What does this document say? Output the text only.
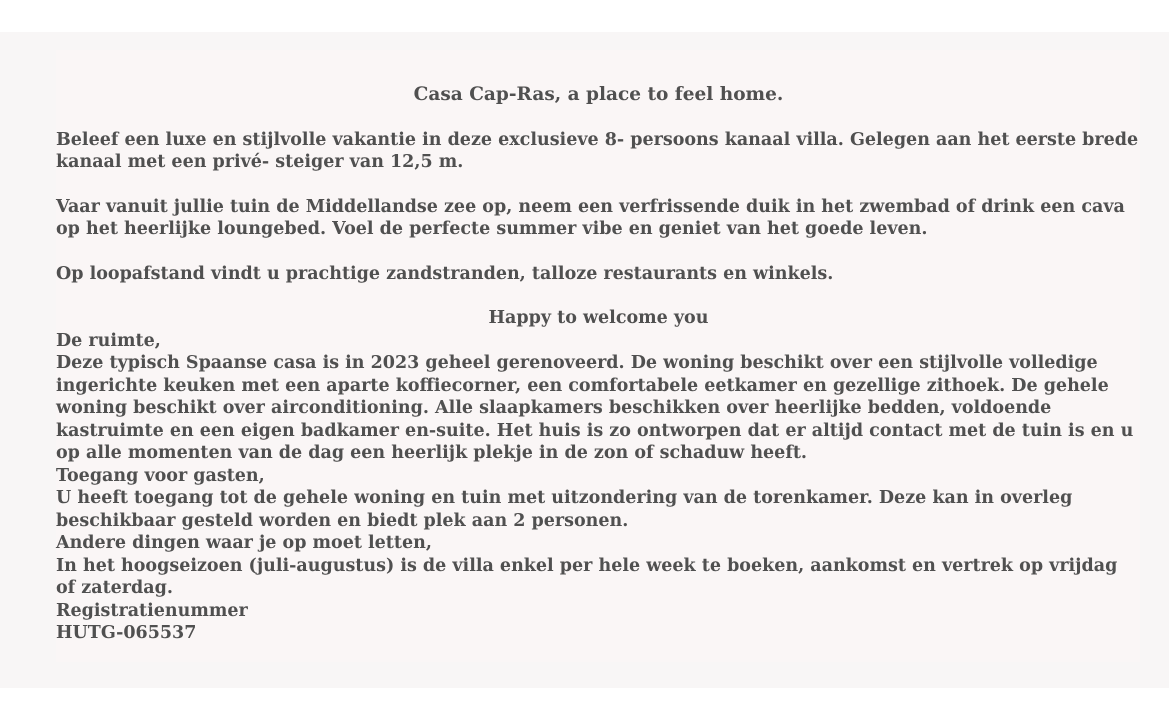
Casa Cap-Ras, a place to feel home.

Beleef een luxe en stijlvolle vakantie in deze exclusieve 8- persoons kanaal villa. Gelegen aan het eerste brede kanaal met een privé- steiger van 12,5 m.

Vaar vanuit jullie tuin de Middellandse zee op, neem een verfrissende duik in het zwembad of drink een cava op het heerlijke loungebed. Voel de perfecte summer vibe en geniet van het goede leven.

Op loopafstand vindt u prachtige zandstranden, talloze restaurants en winkels.

Happy to welcome you

De ruimte,

Deze typisch Spaanse casa is in 2023 geheel gerenoveerd. De woning beschikt over een stijlvolle volledige ingerichte keuken met een aparte koffiecorner, een comfortabele eetkamer en gezellige zithoek. De gehele woning beschikt over airconditioning. Alle slaapkamers beschikken over heerlijke bedden, voldoende kastruimte en een eigen badkamer en-suite. Het huis is zo ontworpen dat er altijd contact met de tuin is en u op alle momenten van de dag een heerlijk plekje in de zon of schaduw heeft.

Toegang voor gasten,

U heeft toegang tot de gehele woning en tuin met uitzondering van de torenkamer. Deze kan in overleg beschikbaar gesteld worden en biedt plek aan 2 personen.

Andere dingen waar je op moet letten,

In het hoogseizoen (juli-augustus) is de villa enkel per hele week te boeken, aankomst en vertrek op vrijdag of zaterdag.

Registratienummer

HUTG-065537
